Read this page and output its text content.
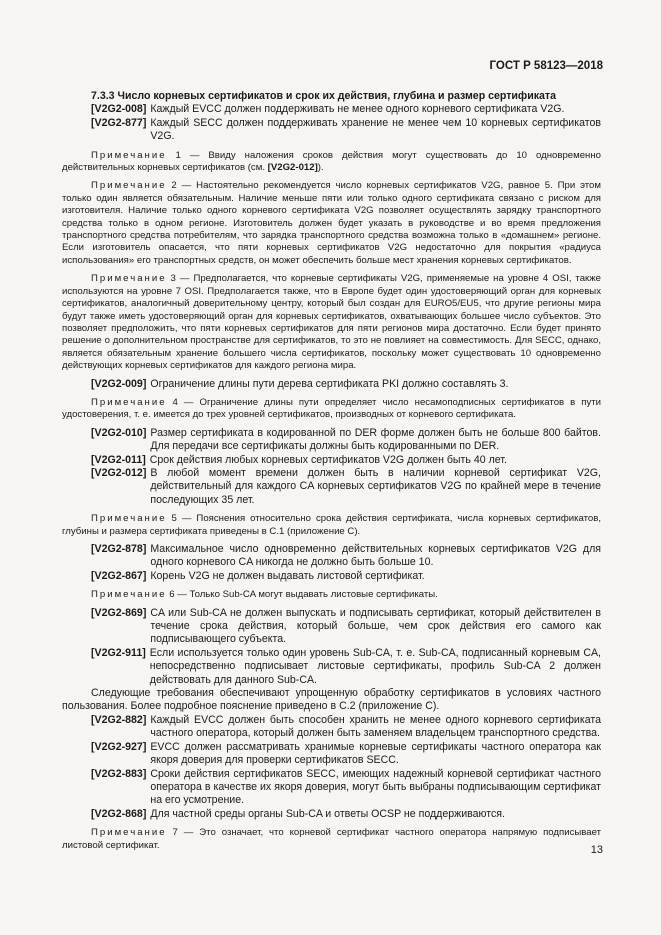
ГОСТ Р 58123—2018

7.3.3 Число корневых сертификатов и срок их действия, глубина и размер сертификата

[V2G2-008] Каждый EVCC должен поддерживать не менее одного корневого сертификата V2G.
[V2G2-877] Каждый SECC должен поддерживать хранение не менее чем 10 корневых сертификатов V2G.

Примечание 1 — Ввиду наложения сроков действия могут существовать до 10 одновременно действительных корневых сертификатов (см. [V2G2-012]).

Примечание 2 — Настоятельно рекомендуется число корневых сертификатов V2G, равное 5. При этом только один является обязательным. Наличие меньше пяти или только одного сертификата связано с риском для изготовителя. Наличие только одного корневого сертификата V2G позволяет осуществлять зарядку транспортного средства только в одном регионе. Изготовитель должен будет указать в руководстве и во время предложения транспортного средства потребителям, что зарядка транспортного средства возможна только в «домашнем» регионе. Если изготовитель опасается, что пяти корневых сертификатов V2G недостаточно для покрытия «радиуса использования» его транспортных средств, он может обеспечить больше мест хранения корневых сертификатов.

Примечание 3 — Предполагается, что корневые сертификаты V2G, применяемые на уровне 4 OSI, также используются на уровне 7 OSI. Предполагается также, что в Европе будет один удостоверяющий орган для корневых сертификатов, аналогичный доверительному центру, который был создан для EURO5/EU5, что другие регионы мира будут также иметь удостоверяющий орган для корневых сертификатов, охватывающих большее число субъектов. Это позволяет предположить, что пяти корневых сертификатов для пяти регионов мира достаточно. Если будет принято решение о дополнительном пространстве для сертификатов, то это не повлияет на совместимость. Для SECC, однако, является обязательным хранение большего числа сертификатов, поскольку может существовать 10 одновременно действующих корневых сертификатов для каждого региона мира.

[V2G2-009] Ограничение длины пути дерева сертификата PKI должно составлять 3.

Примечание 4 — Ограничение длины пути определяет число несамоподписных сертификатов в пути удостоверения, т. е. имеется до трех уровней сертификатов, производных от корневого сертификата.

[V2G2-010] Размер сертификата в кодированной по DER форме должен быть не больше 800 байтов. Для передачи все сертификаты должны быть кодированными по DER.
[V2G2-011] Срок действия любых корневых сертификатов V2G должен быть 40 лет.
[V2G2-012] В любой момент времени должен быть в наличии корневой сертификат V2G, действительный для каждого CA корневых сертификатов V2G по крайней мере в течение последующих 35 лет.

Примечание 5 — Пояснения относительно срока действия сертификата, числа корневых сертификатов, глубины и размера сертификата приведены в С.1 (приложение С).

[V2G2-878] Максимальное число одновременно действительных корневых сертификатов V2G для одного корневого CA никогда не должно быть больше 10.
[V2G2-867] Корень V2G не должен выдавать листовой сертификат.

Примечание 6 — Только Sub-CA могут выдавать листовые сертификаты.

[V2G2-869] CA или Sub-CA не должен выпускать и подписывать сертификат, который действителен в течение срока действия, который больше, чем срок действия его самого как подписывающего субъекта.
[V2G2-911] Если используется только один уровень Sub-CA, т. е. Sub-CA, подписанный корневым CA, непосредственно подписывает листовые сертификаты, профиль Sub-CA 2 должен действовать для данного Sub-CA.

Следующие требования обеспечивают упрощенную обработку сертификатов в условиях частного пользования. Более подробное пояснение приведено в С.2 (приложение С).

[V2G2-882] Каждый EVCC должен быть способен хранить не менее одного корневого сертификата частного оператора, который должен быть заменяем владельцем транспортного средства.
[V2G2-927] EVCC должен рассматривать хранимые корневые сертификаты частного оператора как якоря доверия для проверки сертификатов SECC.
[V2G2-883] Сроки действия сертификатов SECC, имеющих надежный корневой сертификат частного оператора в качестве их якоря доверия, могут быть выбраны подписывающим сертификат на его усмотрение.
[V2G2-868] Для частной среды органы Sub-CA и ответы OCSP не поддерживаются.

Примечание 7 — Это означает, что корневой сертификат частного оператора напрямую подписывает листовой сертификат.	13
